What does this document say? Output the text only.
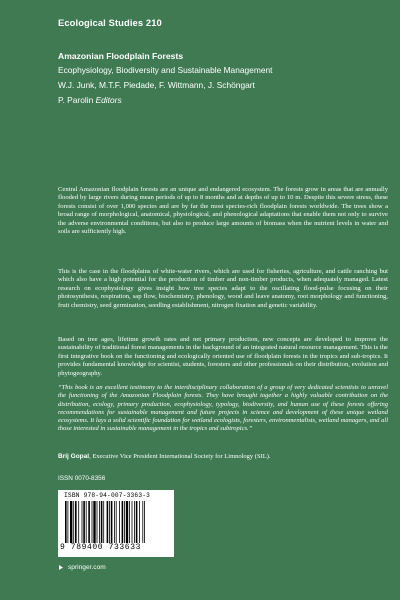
Ecological Studies 210
Amazonian Floodplain Forests
Ecophysiology, Biodiversity and Sustainable Management
W.J. Junk, M.T.F. Piedade, F. Wittmann, J. Schöngart
P. Parolin Editors

Central Amazonian floodplain forests are an unique and endangered ecosystem. The forests grow in areas that are annually flooded by large rivers during mean periods of up to 8 months and at depths of up to 10 m. Despite this severe stress, these forests consist of over 1,000 species and are by far the most species-rich floodplain forests worldwide. The trees show a broad range of morphological, anatomical, physiological, and phenological adaptations that enable them not only to survive the adverse environmental conditions, but also to produce large amounts of biomass when the nutrient levels in water and soils are sufficiently high.

This is the case in the floodplains of white-water rivers, which are used for fisheries, agriculture, and cattle ranching but which also have a high potential for the production of timber and non-timber products, when adequately managed. Latest research on ecophysiology gives insight how tree species adapt to the oscillating flood-pulse focusing on their photosynthesis, respiration, sap flow, biochemistry, phenology, wood and leave anatomy, root morphology and functioning, fruit chemistry, seed germination, seedling establishment, nitrogen fixation and genetic variability.

Based on tree ages, lifetime growth rates and net primary production, new concepts are developed to improve the sustainability of traditional forest managements in the background of an integrated natural resource management. This is the first integrative book on the functioning and ecologically oriented use of floodplain forests in the tropics and sub-tropics. It provides fundamental knowledge for scientist, students, foresters and other professionals on their distribution, evolution and phytogeography.

“This book is an excellent testimony to the interdisciplinary collaboration of a group of very dedicated scientists to unravel the functioning of the Amazonian Floodplain forests. They have brought together a highly valuable contribution on the distribution, ecology, primary production, ecophysiology, typology, biodiversity, and human use of these forests offering recommendations for sustainable management and future projects in science and development of these unique wetland ecosystems. It lays a solid scientific foundation for wetland ecologists, foresters, environmentalists, wetland managers, and all those interested in sustainable management in the tropics and subtropics.”

Brij Gopal, Executive Vice President International Society for Limnology (SIL).

ISSN 0070-8356
ISBN 978-94-007-3363-3
9 789400 733633
springer.com
